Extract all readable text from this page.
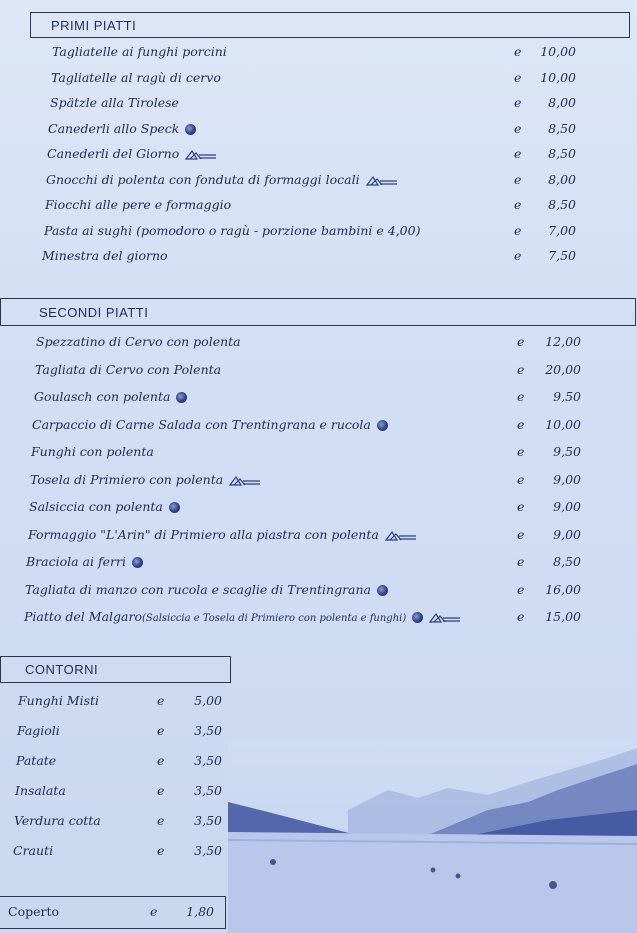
PRIMI PIATTI
Tagliatelle ai funghi porcini	e	10,00
Tagliatelle al ragù di cervo	e	10,00
Spätzle alla Tirolese	e	8,00
Canederli allo Speck	e	8,50
Canederli del Giorno	e	8,50
Gnocchi di polenta con fonduta di formaggi locali	e	8,00
Fiocchi alle pere e formaggio	e	8,50
Pasta ai sughi (pomodoro o ragù - porzione bambini e 4,00)	e	7,00
Minestra del giorno	e	7,50
SECONDI PIATTI
Spezzatino di Cervo con polenta	e	12,00
Tagliata di Cervo con Polenta	e	20,00
Goulasch con polenta	e	9,50
Carpaccio di Carne Salada con Trentingrana e rucola	e	10,00
Funghi con polenta	e	9,50
Tosela di Primiero con polenta	e	9,00
Salsiccia con polenta	e	9,00
Formaggio "L'Arin" di Primiero alla piastra con polenta	e	9,00
Braciola ai ferri	e	8,50
Tagliata di manzo con rucola e scaglie di Trentingrana	e	16,00
Piatto del Malgaro(Salsiccia e Tosela di Primiero con polenta e funghi)	e	15,00
CONTORNI
Funghi Misti	e	5,00
Fagioli	e	3,50
Patate	e	3,50
Insalata	e	3,50
Verdura cotta	e	3,50
Crauti	e	3,50
Coperto	e	1,80
